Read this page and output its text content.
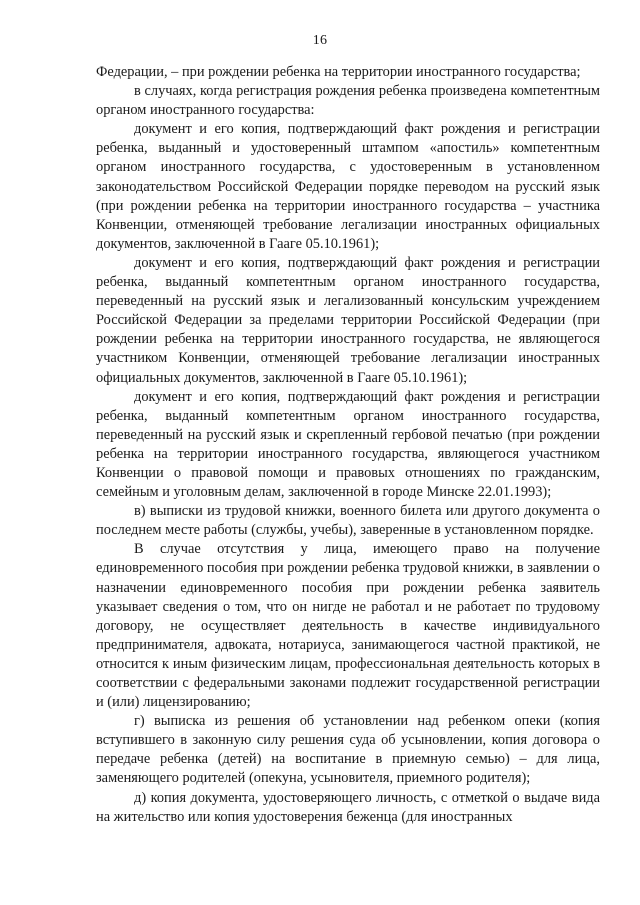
16

Федерации, – при рождении ребенка на территории иностранного государства;

в случаях, когда регистрация рождения ребенка произведена компетентным органом иностранного государства:

документ и его копия, подтверждающий факт рождения и регистрации ребенка, выданный и удостоверенный штампом «апостиль» компетентным органом иностранного государства, с удостоверенным в установленном законодательством Российской Федерации порядке переводом на русский язык (при рождении ребенка на территории иностранного государства – участника Конвенции, отменяющей требование легализации иностранных официальных документов, заключенной в Гааге 05.10.1961);

документ и его копия, подтверждающий факт рождения и регистрации ребенка, выданный компетентным органом иностранного государства, переведенный на русский язык и легализованный консульским учреждением Российской Федерации за пределами территории Российской Федерации (при рождении ребенка на территории иностранного государства, не являющегося участником Конвенции, отменяющей требование легализации иностранных официальных документов, заключенной в Гааге 05.10.1961);

документ и его копия, подтверждающий факт рождения и регистрации ребенка, выданный компетентным органом иностранного государства, переведенный на русский язык и скрепленный гербовой печатью (при рождении ребенка на территории иностранного государства, являющегося участником Конвенции о правовой помощи и правовых отношениях по гражданским, семейным и уголовным делам, заключенной в городе Минске 22.01.1993);

в) выписки из трудовой книжки, военного билета или другого документа о последнем месте работы (службы, учебы), заверенные в установленном порядке.

В случае отсутствия у лица, имеющего право на получение единовременного пособия при рождении ребенка трудовой книжки, в заявлении о назначении единовременного пособия при рождении ребенка заявитель указывает сведения о том, что он нигде не работал и не работает по трудовому договору, не осуществляет деятельность в качестве индивидуального предпринимателя, адвоката, нотариуса, занимающегося частной практикой, не относится к иным физическим лицам, профессиональная деятельность которых в соответствии с федеральными законами подлежит государственной регистрации и (или) лицензированию;

г) выписка из решения об установлении над ребенком опеки (копия вступившего в законную силу решения суда об усыновлении, копия договора о передаче ребенка (детей) на воспитание в приемную семью) – для лица, заменяющего родителей (опекуна, усыновителя, приемного родителя);

д) копия документа, удостоверяющего личность, с отметкой о выдаче вида на жительство или копия удостоверения беженца (для иностранных
